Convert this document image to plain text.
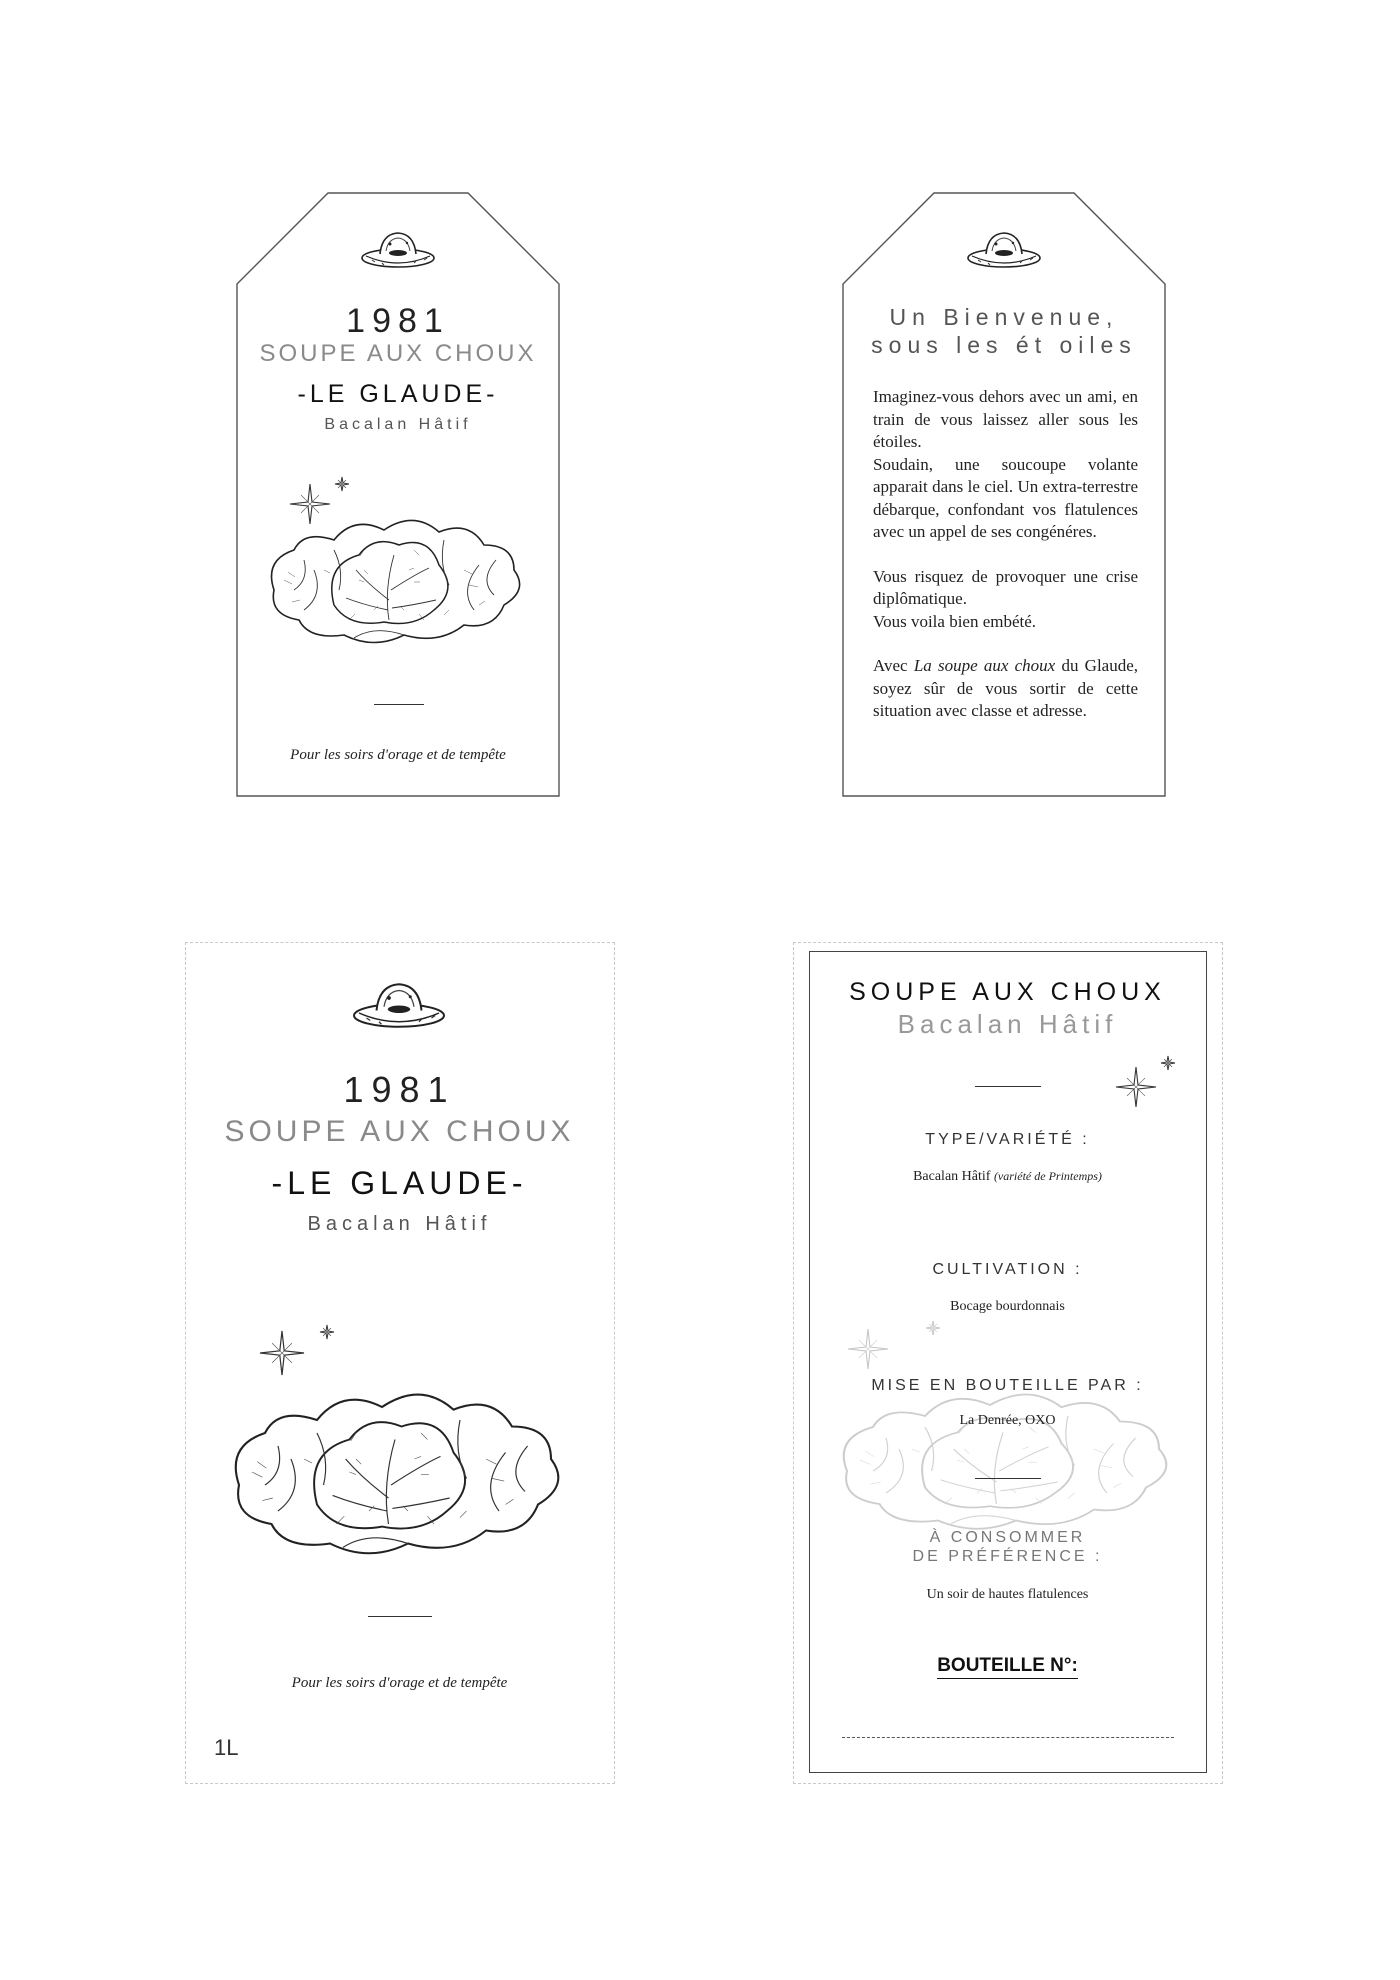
1981
SOUPE AUX CHOUX
-LE GLAUDE-
Bacalan Hâtif
Pour les soirs d'orage et de tempête
Un Bienvenue,
sous les ét oiles

Imaginez-vous dehors avec un ami, en train de vous laissez aller sous les étoiles.

Soudain, une soucoupe volante apparait dans le ciel. Un extra-terrestre débarque, confondant vos flatulences avec un appel de ses congénéres.

Vous risquez de provoquer une crise diplômatique.

Vous voila bien embété.

Avec La soupe aux choux du Glaude, soyez sûr de vous sortir de cette situation avec classe et adresse.

1981
SOUPE AUX CHOUX
-LE GLAUDE-
Bacalan Hâtif
Pour les soirs d'orage et de tempête
1L
SOUPE AUX CHOUX
Bacalan Hâtif
TYPE/VARIÉTÉ :
Bacalan Hâtif (variété de Printemps)
CULTIVATION :
Bocage bourdonnais
MISE EN BOUTEILLE PAR :
La Denrée, OXO
À CONSOMMER
DE PRÉFÉRENCE :
Un soir de hautes flatulences
BOUTEILLE N°:
